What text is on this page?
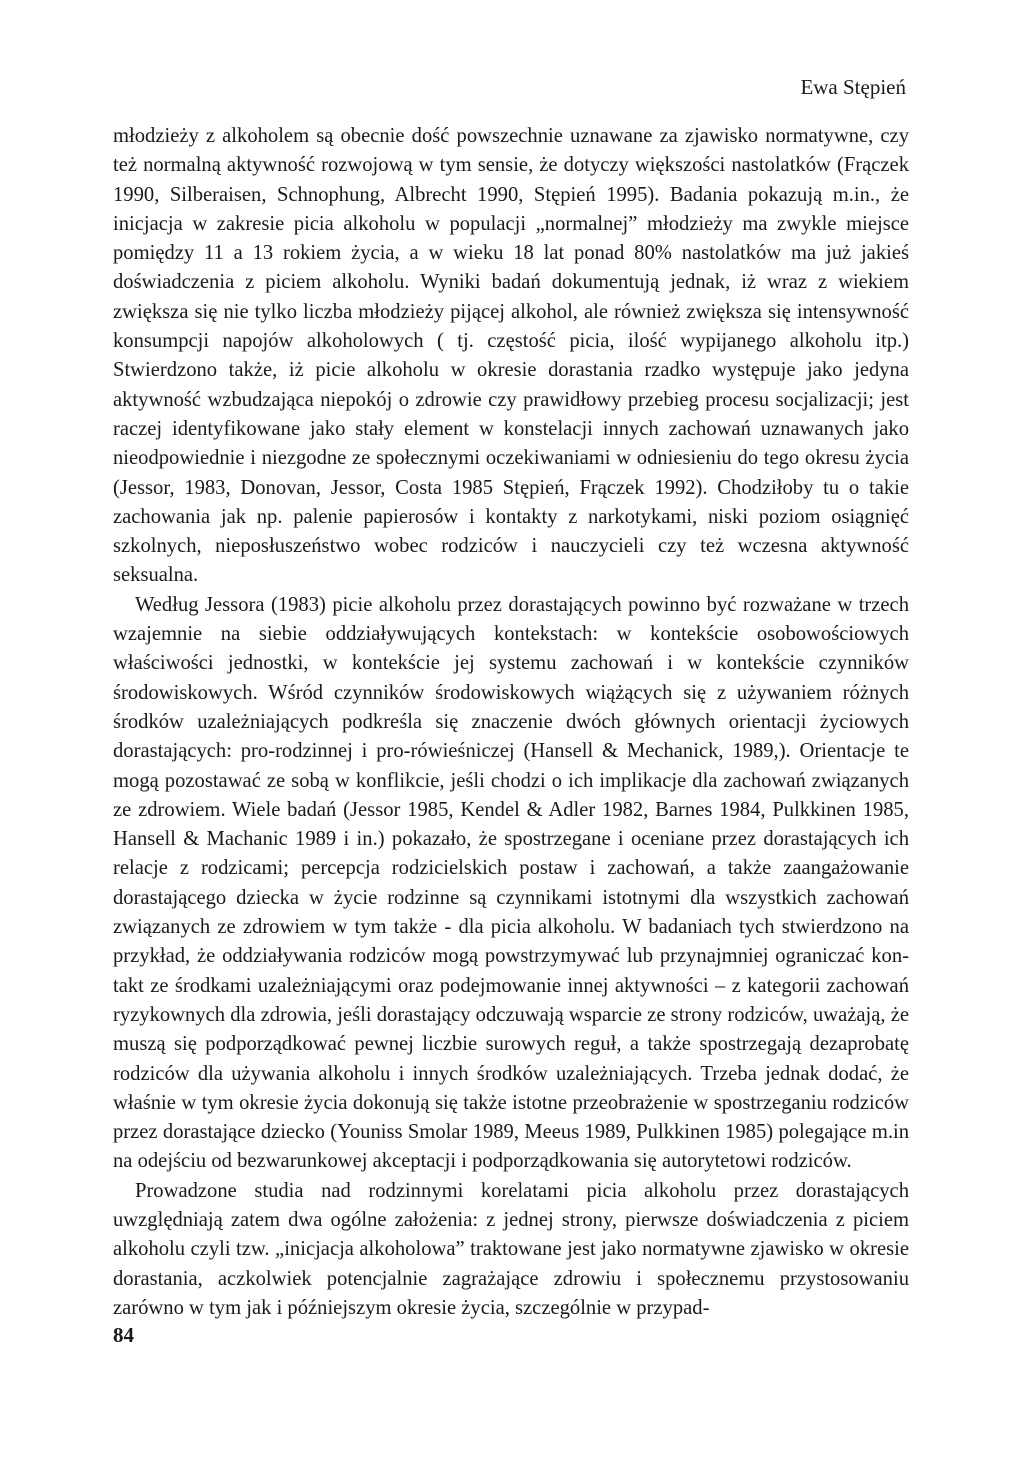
Ewa Stępień

młodzieży z alkoholem są obecnie dość powszechnie uznawane za zjawisko normatywne, czy też normalną aktywność rozwojową w tym sensie, że dotyczy większości nastolatków (Frączek 1990, Silberaisen, Schnophung, Albrecht 1990, Stępień 1995). Badania pokazują m.in., że inicjacja w zakresie picia alkoholu w populacji „normalnej” młodzieży ma zwykle miejsce pomiędzy 11 a 13 rokiem życia, a w wieku 18 lat ponad 80% nastolatków ma już jakieś doświadczenia z piciem alkoholu. Wyniki badań dokumentują jednak, iż wraz z wiekiem zwiększa się nie tylko liczba młodzieży pijącej alkohol, ale również zwiększa się intensywność konsumpcji napojów alkoholowych ( tj. częstość picia, ilość wypijanego alkoholu itp.) Stwierdzono także, iż picie alkoholu w okresie dorastania rzadko występuje jako jedyna aktywność wzbudzająca niepokój o zdrowie czy prawidłowy przebieg procesu socjalizacji; jest raczej identyfikowane jako stały element w konstelacji innych zachowań uznawanych jako nieodpowiednie i niezgodne ze społecznymi oczekiwaniami w odniesieniu do tego okresu życia (Jessor, 1983, Donovan, Jessor, Costa 1985 Stępień, Frączek 1992). Chodziłoby tu o takie zachowania jak np. palenie papierosów i kontakty z narkotykami, niski poziom osiągnięć szkolnych, nieposłuszeństwo wobec rodziców i nauczycieli czy też wczesna aktywność seksualna.

Według Jessora (1983) picie alkoholu przez dorastających powinno być rozważane w trzech wzajemnie na siebie oddziaływujących kontekstach: w kontekście osobowościowych właściwości jednostki, w kontekście jej systemu zachowań i w kontekście czynników środowiskowych. Wśród czynników środowiskowych wiążących się z używaniem różnych środków uzależniających podkreśla się znaczenie dwóch głównych orientacji życiowych dorastających: pro-rodzinnej i pro-rówieśniczej (Hansell & Mechanick, 1989,). Orientacje te mogą pozostawać ze sobą w konflikcie, jeśli chodzi o ich implikacje dla zachowań związanych ze zdrowiem. Wiele badań (Jessor 1985, Kendel & Adler 1982, Barnes 1984, Pulkkinen 1985, Hansell & Machanic 1989 i in.) pokazało, że spostrzegane i oceniane przez dorastających ich relacje z rodzicami; percepcja rodzicielskich postaw i zachowań, a także zaangażowanie dorastającego dziecka w życie rodzinne są czynnikami istotnymi dla wszystkich zachowań związanych ze zdrowiem w tym także - dla picia alkoholu. W badaniach tych stwierdzono na przykład, że oddziaływania rodziców mogą powstrzymywać lub przynajmniej ograniczać kontakt ze środkami uzależniającymi oraz podejmowanie innej aktywności – z kategorii zachowań ryzykownych dla zdrowia, jeśli dorastający odczuwają wsparcie ze strony rodziców, uważają, że muszą się podporządkować pewnej liczbie surowych reguł, a także spostrzegają dezaprobatę rodziców dla używania alkoholu i innych środków uzależniających. Trzeba jednak dodać, że właśnie w tym okresie życia dokonują się także istotne przeobrażenie w spostrzeganiu rodziców przez dorastające dziecko (Youniss Smolar 1989, Meeus 1989, Pulkkinen 1985) polegające m.in na odejściu od bezwarunkowej akceptacji i podporządkowania się autorytetowi rodziców.

Prowadzone studia nad rodzinnymi korelatami picia alkoholu przez dorastających uwzględniają zatem dwa ogólne założenia: z jednej strony, pierwsze doświadczenia z piciem alkoholu czyli tzw. „inicjacja alkoholowa” traktowane jest jako normatywne zjawisko w okresie dorastania, aczkolwiek potencjalnie zagrażające zdrowiu i społecznemu przystosowaniu zarówno w tym jak i późniejszym okresie życia, szczególnie w przypad-

84
